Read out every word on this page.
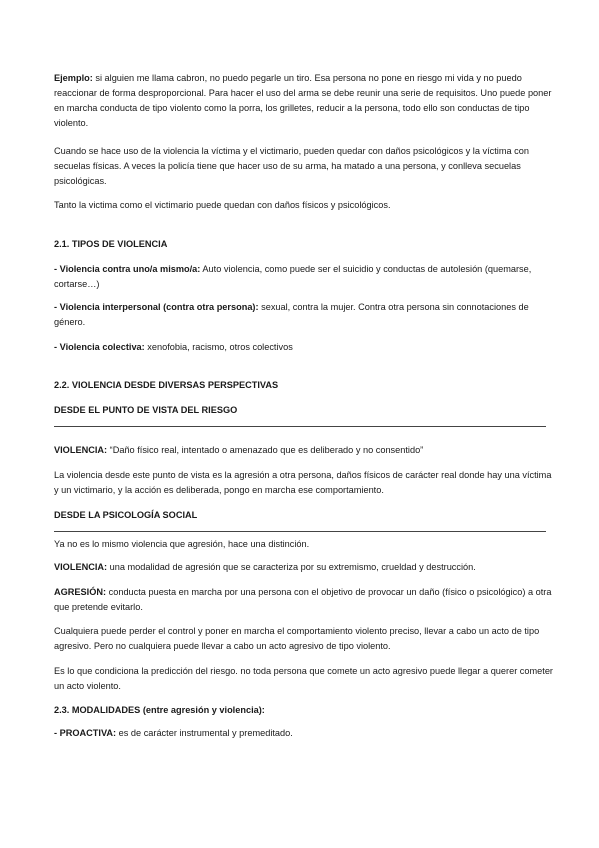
Ejemplo: si alguien me llama cabron, no puedo pegarle un tiro. Esa persona no pone en riesgo mi vida y no puedo reaccionar de forma desproporcional. Para hacer el uso del arma se debe reunir una serie de requisitos. Uno puede poner en marcha conducta de tipo violento como la porra, los grilletes, reducir a la persona, todo ello son conductas de tipo violento.
Cuando se hace uso de la violencia la víctima y el victimario, pueden quedar con daños psicológicos y la víctima con secuelas físicas. A veces la policía tiene que hacer uso de su arma, ha matado a una persona, y conlleva secuelas psicológicas.
Tanto la victima como el victimario puede quedan con daños físicos y psicológicos.
2.1. TIPOS DE VIOLENCIA
- Violencia contra uno/a mismo/a: Auto violencia, como puede ser el suicidio y conductas de autolesión (quemarse, cortarse…)
- Violencia interpersonal (contra otra persona): sexual, contra la mujer. Contra otra persona sin connotaciones de género.
- Violencia colectiva: xenofobia, racismo, otros colectivos
2.2. VIOLENCIA DESDE DIVERSAS PERSPECTIVAS
DESDE EL PUNTO DE VISTA DEL RIESGO
VIOLENCIA: “Daño físico real, intentado o amenazado que es deliberado y no consentido”
La violencia desde este punto de vista es la agresión a otra persona, daños físicos de carácter real donde hay una víctima y un victimario, y la acción es deliberada, pongo en marcha ese comportamiento.
DESDE LA PSICOLOGÍA SOCIAL
Ya no es lo mismo violencia que agresión, hace una distinción.
VIOLENCIA: una modalidad de agresión que se caracteriza por su extremismo, crueldad y destrucción.
AGRESIÓN: conducta puesta en marcha por una persona con el objetivo de provocar un daño (físico o psicológico) a otra que pretende evitarlo.
Cualquiera puede perder el control y poner en marcha el comportamiento violento preciso, llevar a cabo un acto de tipo agresivo. Pero no cualquiera puede llevar a cabo un acto agresivo de tipo violento.
Es lo que condiciona la predicción del riesgo. no toda persona que comete un acto agresivo puede llegar a querer cometer un acto violento.
2.3. MODALIDADES (entre agresión y violencia):
- PROACTIVA: es de carácter instrumental y premeditado.
